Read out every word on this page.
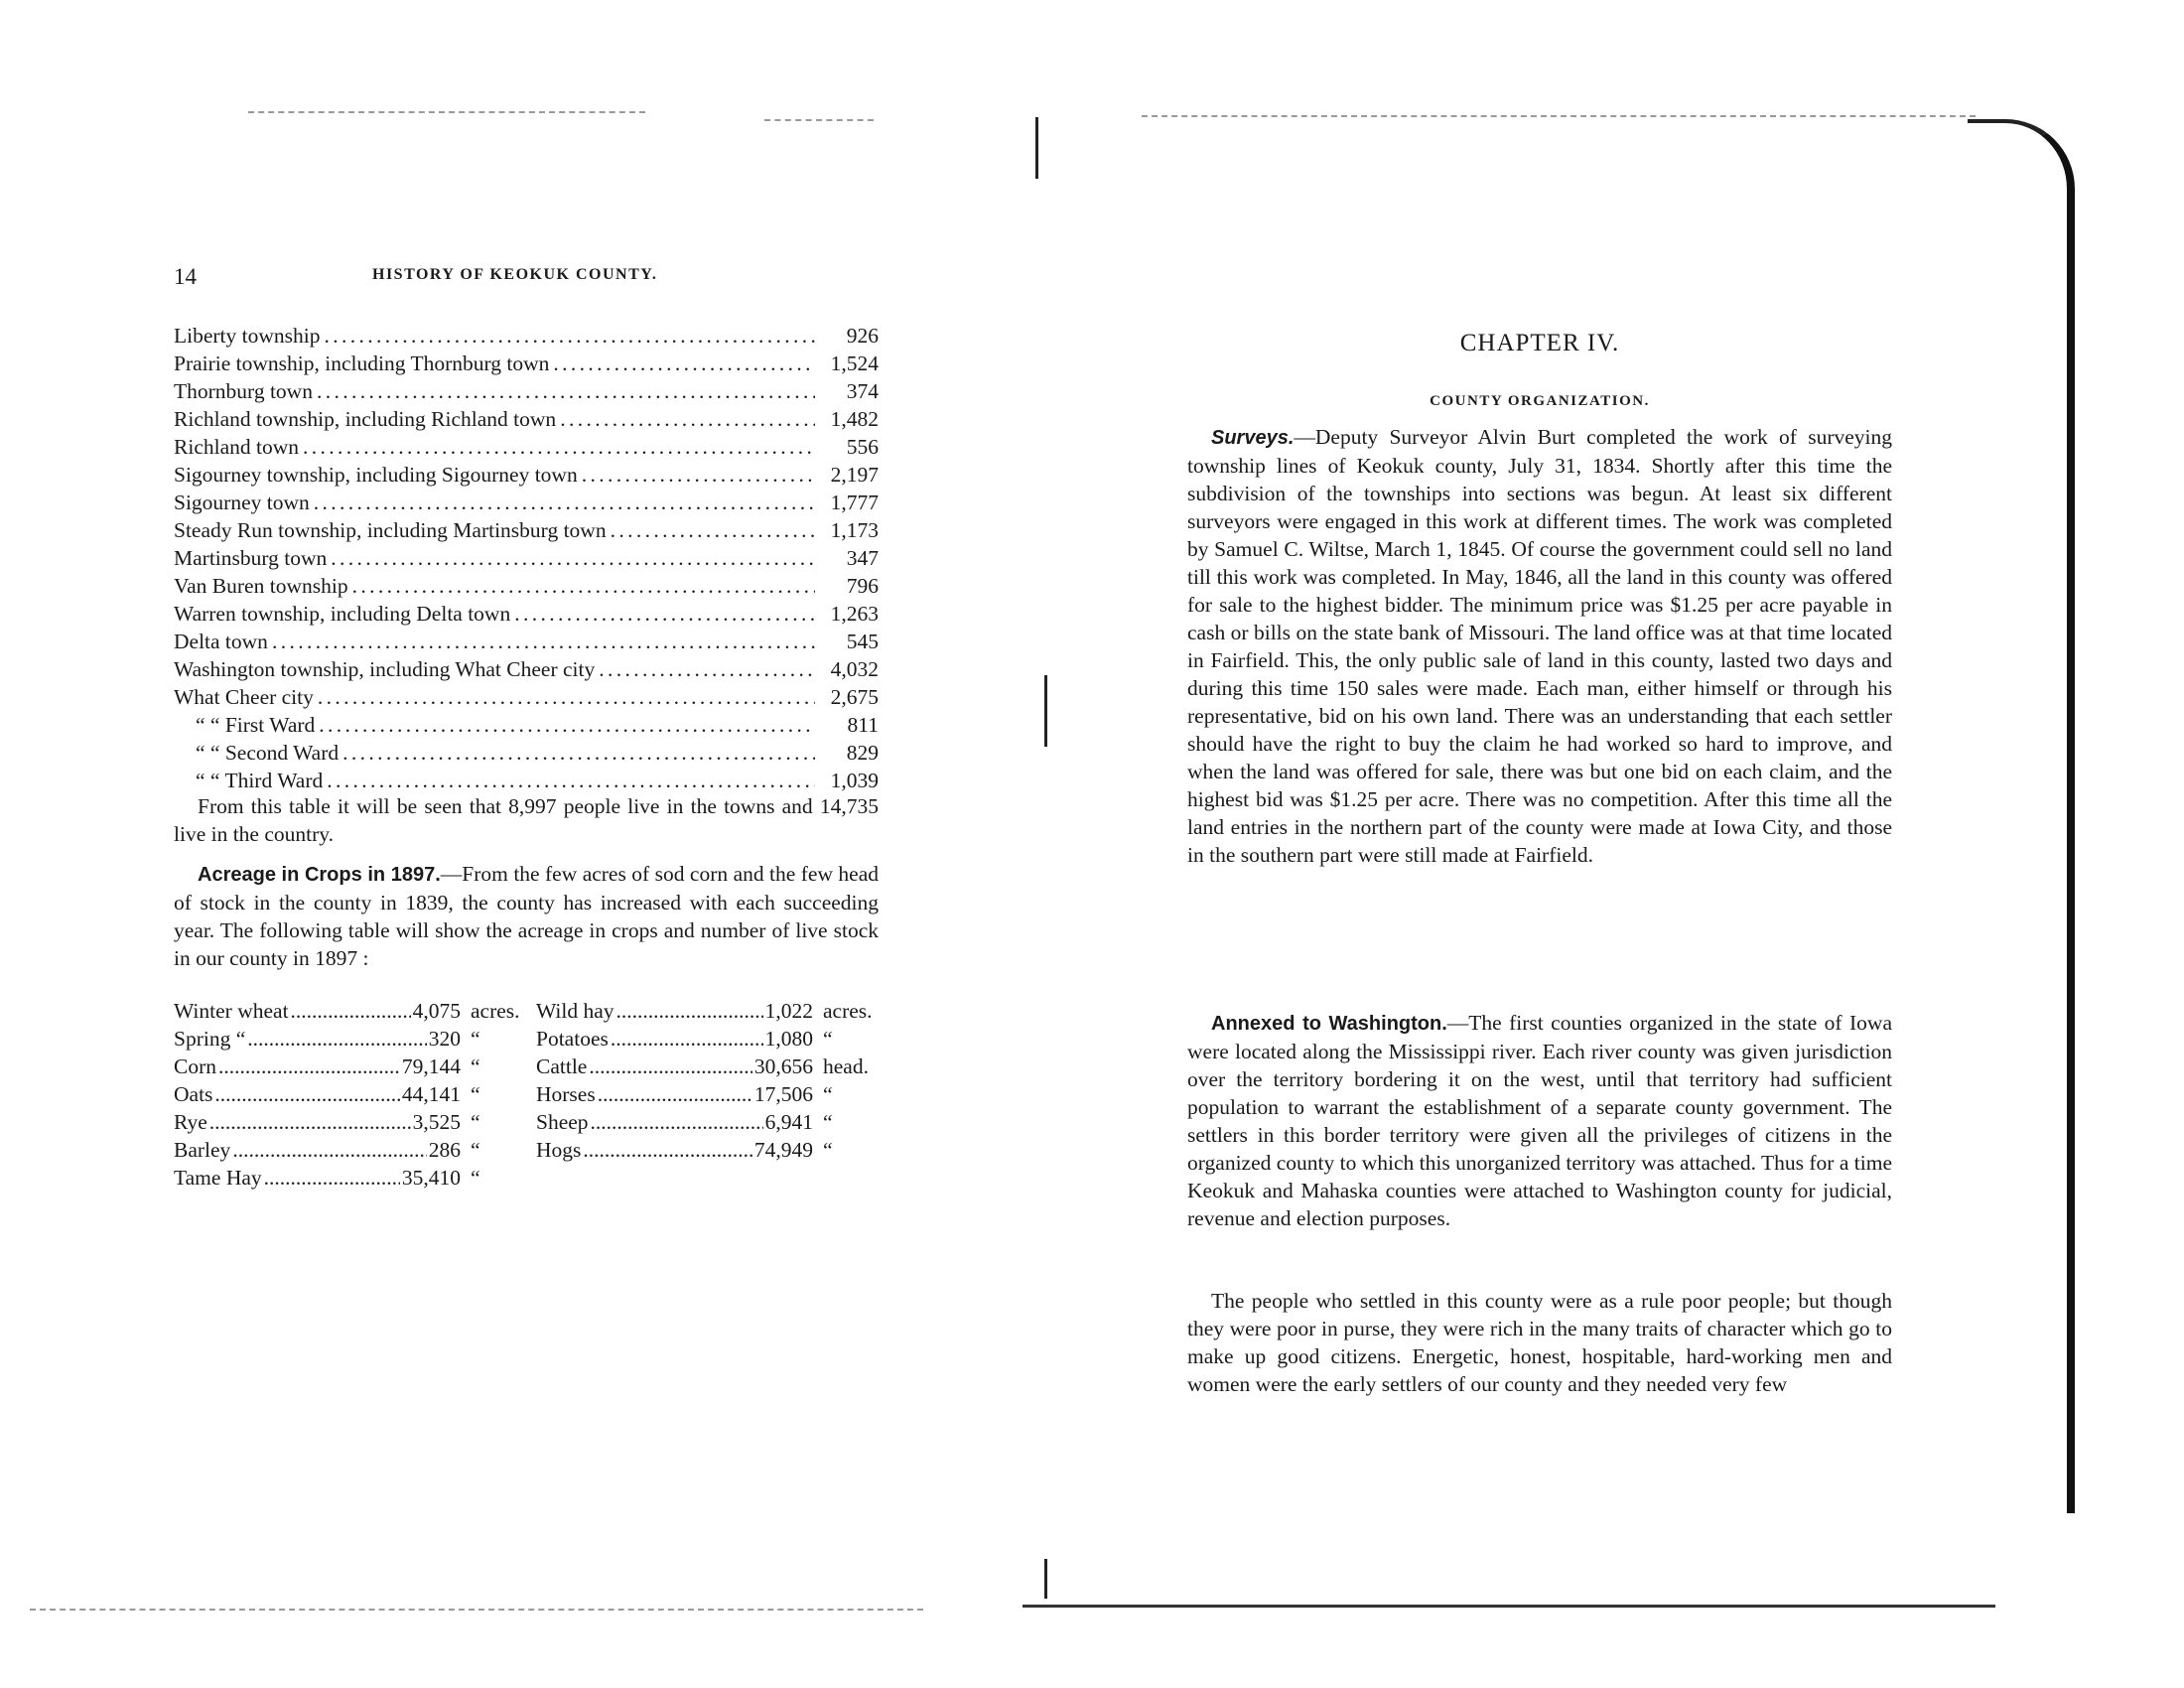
14	HISTORY OF KEOKUK COUNTY.
Liberty township . . .	926
Prairie township, including Thornburg town . . .	1,524
Thornburg town . . .	374
Richland township, including Richland town . . .	1,482
Richland town . . .	556
Sigourney township, including Sigourney town . . .	2,197
Sigourney town . . .	1,777
Steady Run township, including Martinsburg town . . .	1,173
Martinsburg town . . .	347
Van Buren township . . .	796
Warren township, including Delta town . . .	1,263
Delta town . . .	545
Washington township, including What Cheer city . . .	4,032
What Cheer city . . .	2,675
“ “ First Ward . . .	811
“ “ Second Ward . . .	829
“ “ Third Ward . . .	1,039
From this table it will be seen that 8,997 people live in the towns and 14,735 live in the country.
Acreage in Crops in 1897.—From the few acres of sod corn and the few head of stock in the county in 1839, the county has increased with each succeeding year. The following table will show the acreage in crops and number of live stock in our county in 1897 :
Winter wheat .....	4,075 acres. Wild hay .....	1,022 acres.
Spring “ .....	320 “	Potatoes .....	1,080 “
Corn .....	79,144 “	Cattle .....	30,656 head.
Oats .....	44,141 “	Horses .....	17,506 “
Rye .....	3,525 “	Sheep .....	6,941 “
Barley .....	286 “	Hogs .....	74,949 “
Tame Hay .....	35,410 “
CHAPTER IV.
COUNTY ORGANIZATION.
Surveys.—Deputy Surveyor Alvin Burt completed the work of surveying township lines of Keokuk county, July 31, 1834. Shortly after this time the subdivision of the townships into sections was begun. At least six different surveyors were engaged in this work at different times. The work was completed by Samuel C. Wiltse, March 1, 1845. Of course the government could sell no land till this work was completed. In May, 1846, all the land in this county was offered for sale to the highest bidder. The minimum price was $1.25 per acre payable in cash or bills on the state bank of Missouri. The land office was at that time located in Fairfield. This, the only public sale of land in this county, lasted two days and during this time 150 sales were made. Each man, either himself or through his representative, bid on his own land. There was an understanding that each settler should have the right to buy the claim he had worked so hard to improve, and when the land was offered for sale, there was but one bid on each claim, and the highest bid was $1.25 per acre. There was no competition. After this time all the land entries in the northern part of the county were made at Iowa City, and those in the southern part were still made at Fairfield.
Annexed to Washington.—The first counties organized in the state of Iowa were located along the Mississippi river. Each river county was given jurisdiction over the territory bordering it on the west, until that territory had sufficient population to warrant the establishment of a separate county government. The settlers in this border territory were given all the privileges of citizens in the organized county to which this unorganized territory was attached. Thus for a time Keokuk and Mahaska counties were attached to Washington county for judicial, revenue and election purposes.
The people who settled in this county were as a rule poor people; but though they were poor in purse, they were rich in the many traits of character which go to make up good citizens. Energetic, honest, hospitable, hard-working men and women were the early settlers of our county and they needed very few
